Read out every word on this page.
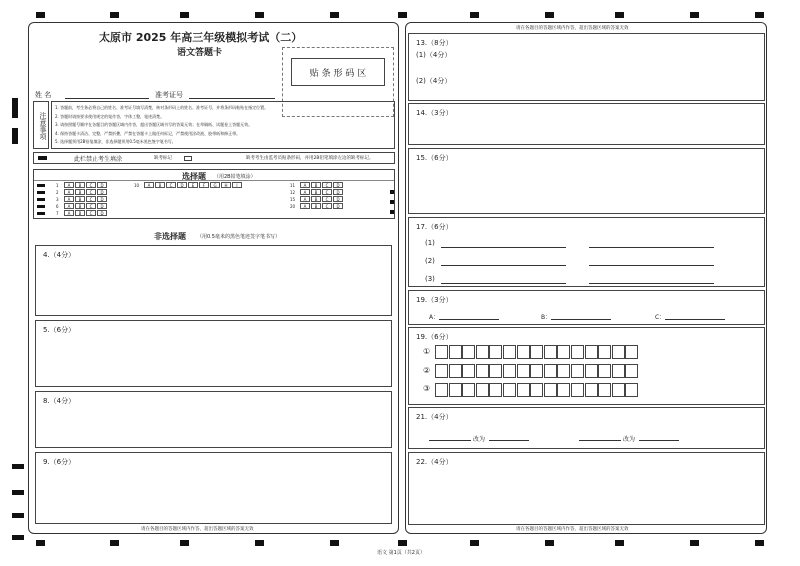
太原市 2025 年高三年级模拟考试（二）
语文答题卡
贴 条 形 码 区
姓 名	准考证号
注意事项
1. 答题前，考生务必将自己的姓名、准考证号填写清楚，核对条形码上的姓名、准考证号，并将条形码粘贴在指定位置。
2. 答题时请按要求使用规定的笔作答，字体工整，笔迹清楚。
3. 请按照题号顺序在各题目的答题区域内作答，超出答题区域书写的答案无效；在草稿纸、试题卷上答题无效。
4. 保持答题卡清洁、完整，严禁折叠，严禁在答题卡上做任何标记，严禁使用涂改液、胶带纸和修正带。
5. 选择题须用2B铅笔填涂，非选择题须用0.5毫米黑色签字笔书写。
此栏禁止考生填涂	缺考标记	缺考考生由监考员贴条形码，并用2B铅笔填涂左边的缺考标记。
选择题 （用2B铅笔填涂）
1 A B C D
2 A B C D
3 A B C D
6 A B C D
7 A B C D
10 A B C D E F G H I	11 A B C D
12 A B C D
15 A B C D
20 A B C D
非选择题 （用0.5毫米的黑色笔迹签字笔书写）
4.（4分）
5.（6分）
8.（4分）
9.（6分）
请在各题目的答题区域内作答，超出答题区域的答案无效
请在各题目的答题区域内作答，超出答题区域的答案无效
13.（8分）
(1)（4分）
(2)（4分）
14.（3分）
15.（6分）
17.（6分）
(1)
(2)
(3)
19.（3分）
A：	B：	C：
19.（6分）
①
②
③
21.（4分）
改为	改为
22.（4分）
请在各题目的答题区域内作答，超出答题区域的答案无效
语文 第1页（共2页）
